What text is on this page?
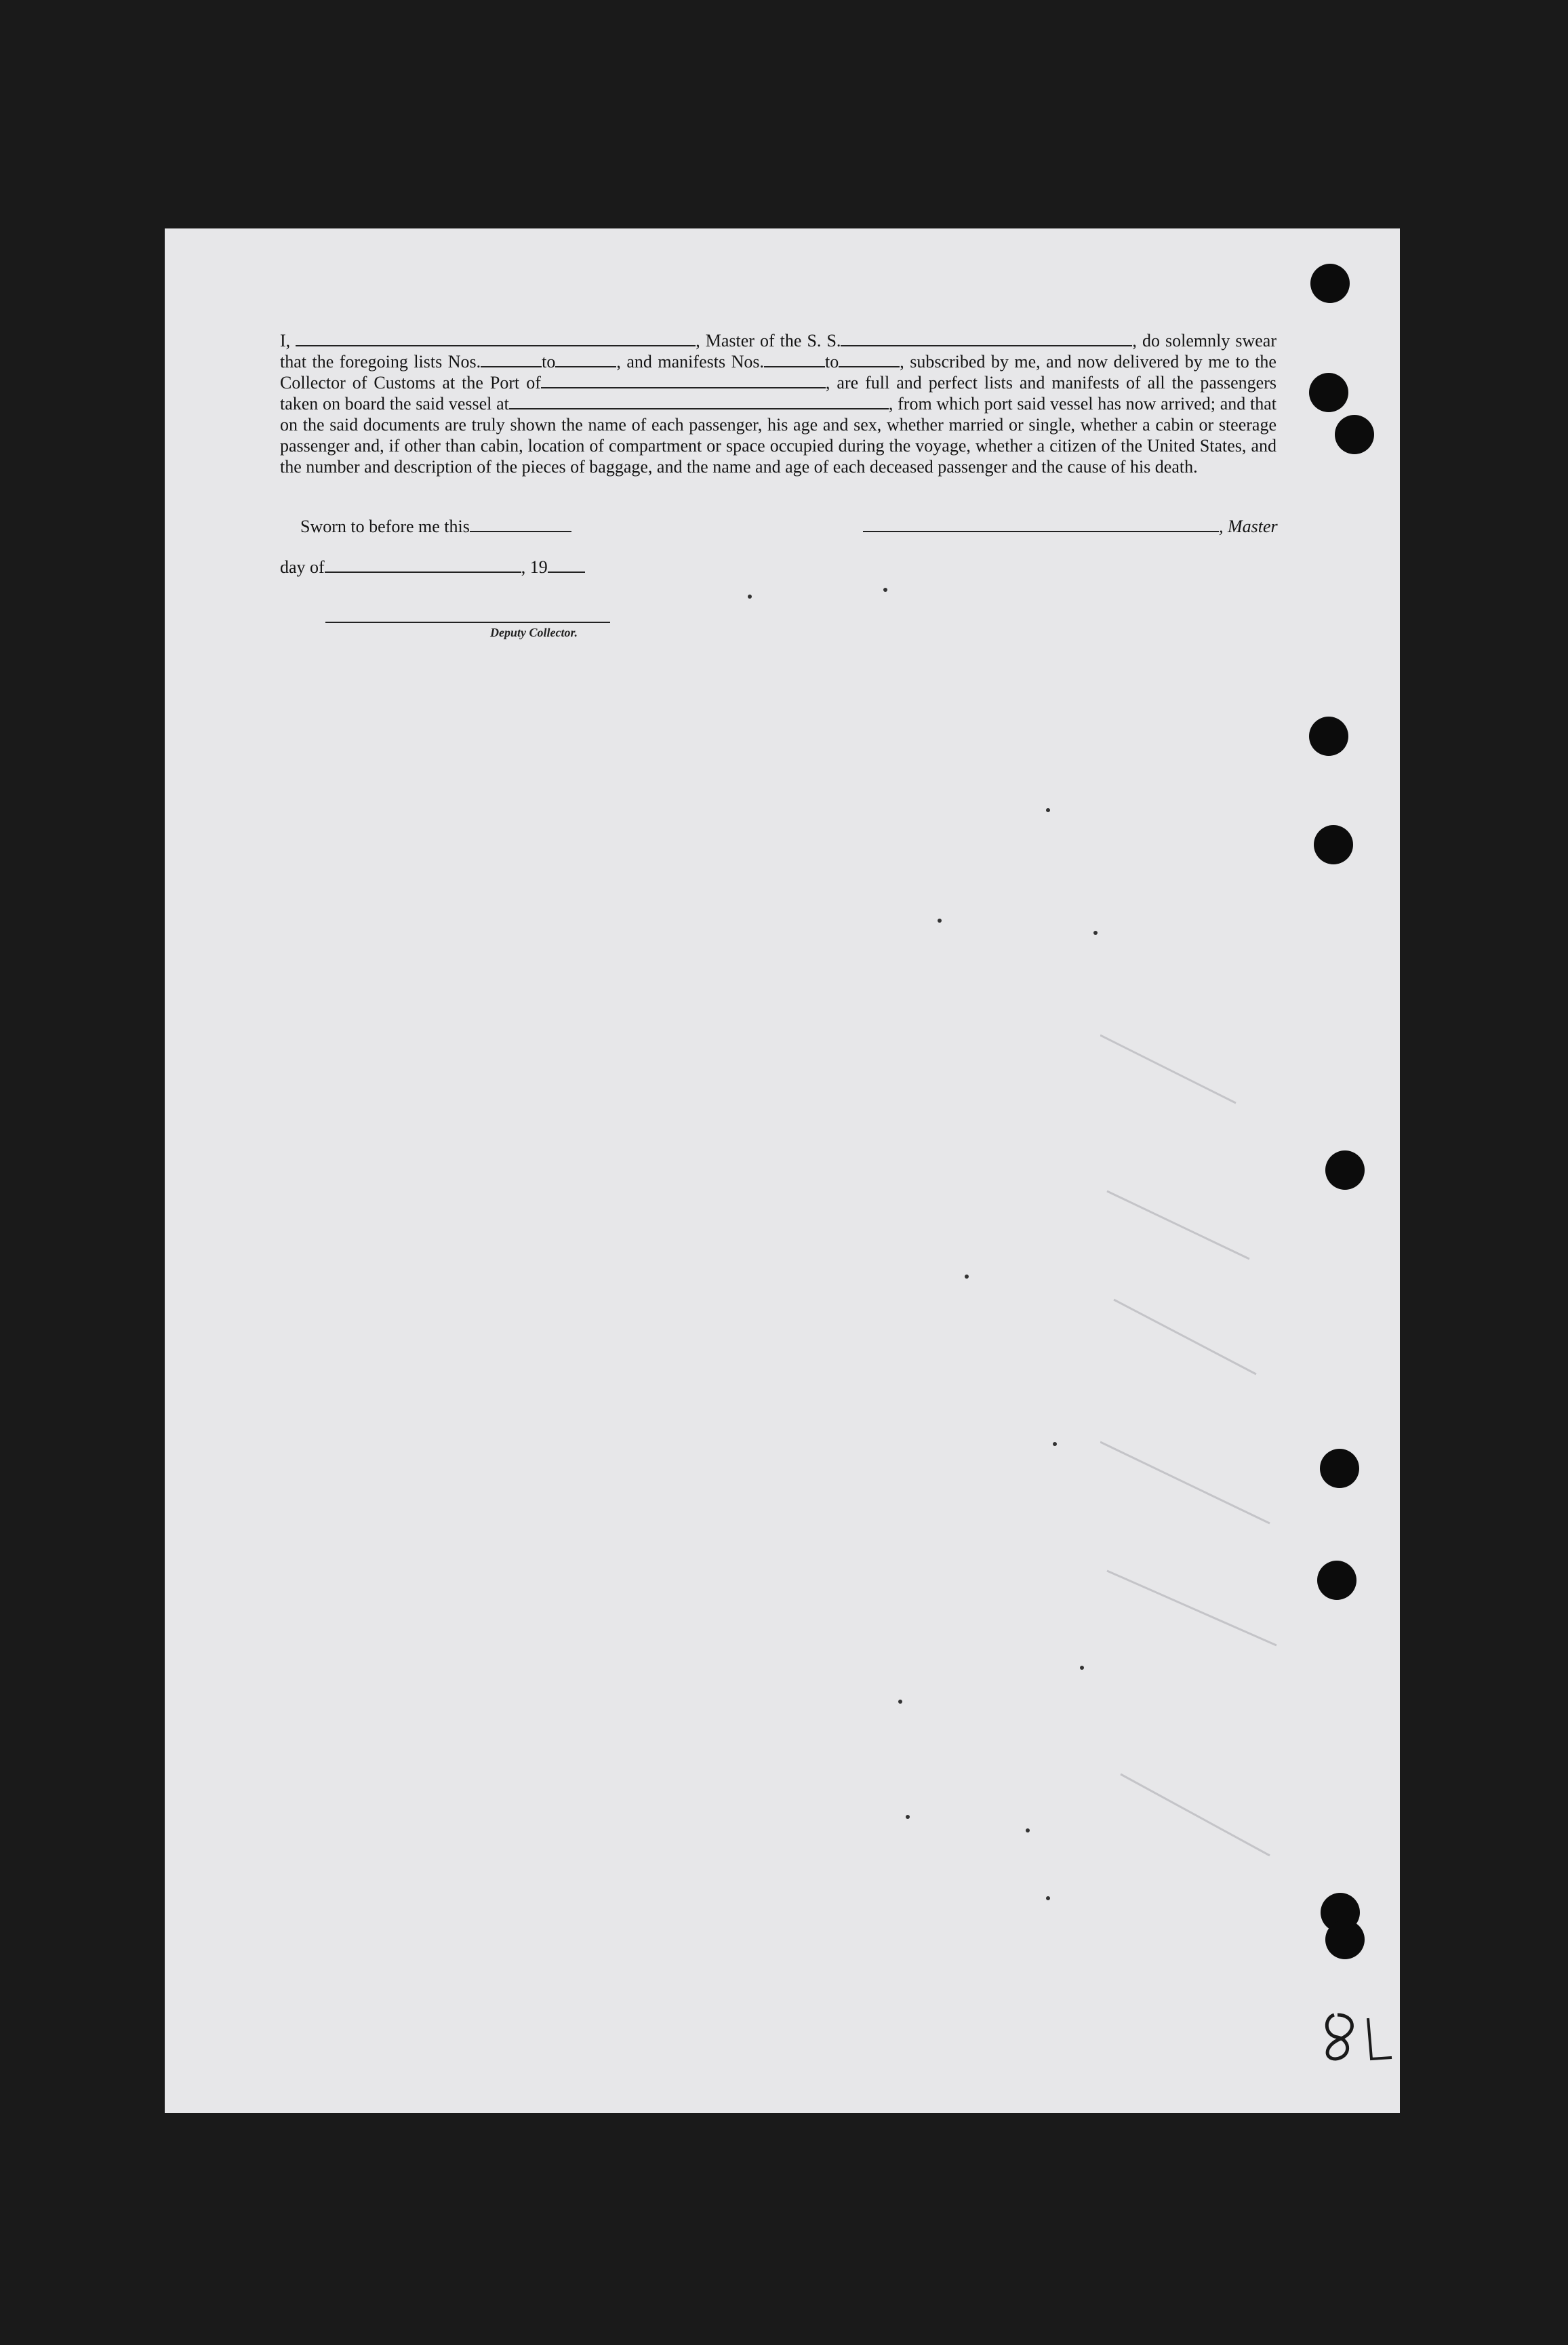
I,	, Master of the S. S.	, do solemnly swear that the foregoing lists Nos.	to	, and manifests Nos.	to	, subscribed by me, and now delivered by me to the Collector of Customs at the Port of	, are full and perfect lists and manifests of all the passengers taken on board the said vessel at	, from which port said vessel has now arrived; and that on the said documents are truly shown the name of each passenger, his age and sex, whether married or single, whether a cabin or steerage passenger and, if other than cabin, location of compartment or space occupied during the voyage, whether a citizen of the United States, and the number and description of the pieces of baggage, and the name and age of each deceased passenger and the cause of his death.

Sworn to before me this
day of	, 19
Deputy Collector.
, Master
